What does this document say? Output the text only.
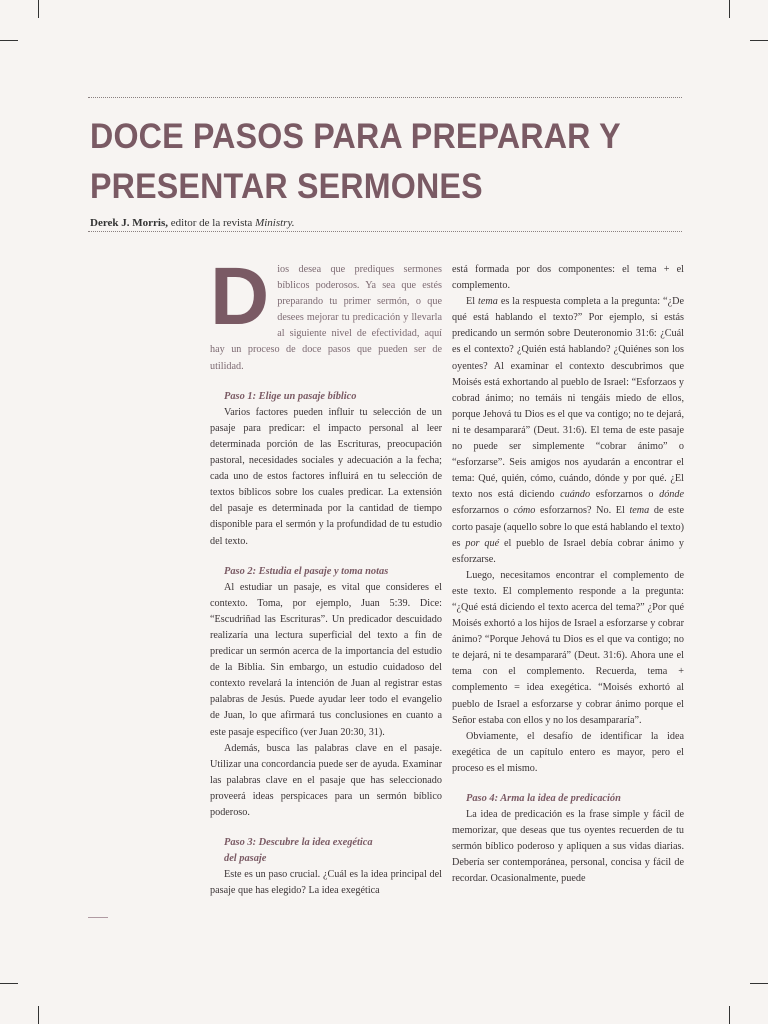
DOCE PASOS PARA PREPARAR Y PRESENTAR SERMONES
Derek J. Morris, editor de la revista Ministry.

Dios desea que prediques sermones bíblicos poderosos. Ya sea que estés preparando tu primer sermón, o que desees mejorar tu predicación y llevarla al siguiente nivel de efectividad, aquí hay un proceso de doce pasos que pueden ser de utilidad.

Paso 1: Elige un pasaje bíblico

Varios factores pueden influir tu selección de un pasaje para predicar: el impacto personal al leer determinada porción de las Escrituras, preocupación pastoral, necesidades sociales y adecuación a la fecha; cada uno de estos factores influirá en tu selección de textos bíblicos sobre los cuales predicar. La extensión del pasaje es determinada por la cantidad de tiempo disponible para el sermón y la profundidad de tu estudio del texto.

Paso 2: Estudia el pasaje y toma notas

Al estudiar un pasaje, es vital que consideres el contexto. Toma, por ejemplo, Juan 5:39. Dice: “Escudriñad las Escrituras”. Un predicador descuidado realizaría una lectura superficial del texto a fin de predicar un sermón acerca de la importancia del estudio de la Biblia. Sin embargo, un estudio cuidadoso del contexto revelará la intención de Juan al registrar estas palabras de Jesús. Puede ayudar leer todo el evangelio de Juan, lo que afirmará tus conclusiones en cuanto a este pasaje específico (ver Juan 20:30, 31).

Además, busca las palabras clave en el pasaje. Utilizar una concordancia puede ser de ayuda. Examinar las palabras clave en el pasaje que has seleccionado proveerá ideas perspicaces para un sermón bíblico poderoso.

Paso 3: Descubre la idea exegética

del pasaje

Este es un paso crucial. ¿Cuál es la idea principal del pasaje que has elegido? La idea exegética

está formada por dos componentes: el tema + el complemento.

El tema es la respuesta completa a la pregunta: “¿De qué está hablando el texto?” Por ejemplo, si estás predicando un sermón sobre Deuteronomio 31:6: ¿Cuál es el contexto? ¿Quién está hablando? ¿Quiénes son los oyentes? Al examinar el contexto descubrimos que Moisés está exhortando al pueblo de Israel: “Esforzaos y cobrad ánimo; no temáis ni tengáis miedo de ellos, porque Jehová tu Dios es el que va contigo; no te dejará, ni te desamparará” (Deut. 31:6). El tema de este pasaje no puede ser simplemente “cobrar ánimo” o “esforzarse”. Seis amigos nos ayudarán a encontrar el tema: Qué, quién, cómo, cuándo, dónde y por qué. ¿El texto nos está diciendo cuándo esforzarnos o dónde esforzarnos o cómo esforzarnos? No. El tema de este corto pasaje (aquello sobre lo que está hablando el texto) es por qué el pueblo de Israel debía cobrar ánimo y esforzarse.

Luego, necesitamos encontrar el complemento de este texto. El complemento responde a la pregunta: “¿Qué está diciendo el texto acerca del tema?” ¿Por qué Moisés exhortó a los hijos de Israel a esforzarse y cobrar ánimo? “Porque Jehová tu Dios es el que va contigo; no te dejará, ni te desamparará” (Deut. 31:6). Ahora une el tema con el complemento. Recuerda, tema + complemento = idea exegética. “Moisés exhortó al pueblo de Israel a esforzarse y cobrar ánimo porque el Señor estaba con ellos y no los desampararía”.

Obviamente, el desafío de identificar la idea exegética de un capítulo entero es mayor, pero el proceso es el mismo.

Paso 4: Arma la idea de predicación

La idea de predicación es la frase simple y fácil de memorizar, que deseas que tus oyentes recuerden de tu sermón bíblico poderoso y apliquen a sus vidas diarias. Debería ser contemporánea, personal, concisa y fácil de recordar. Ocasionalmente, puede
